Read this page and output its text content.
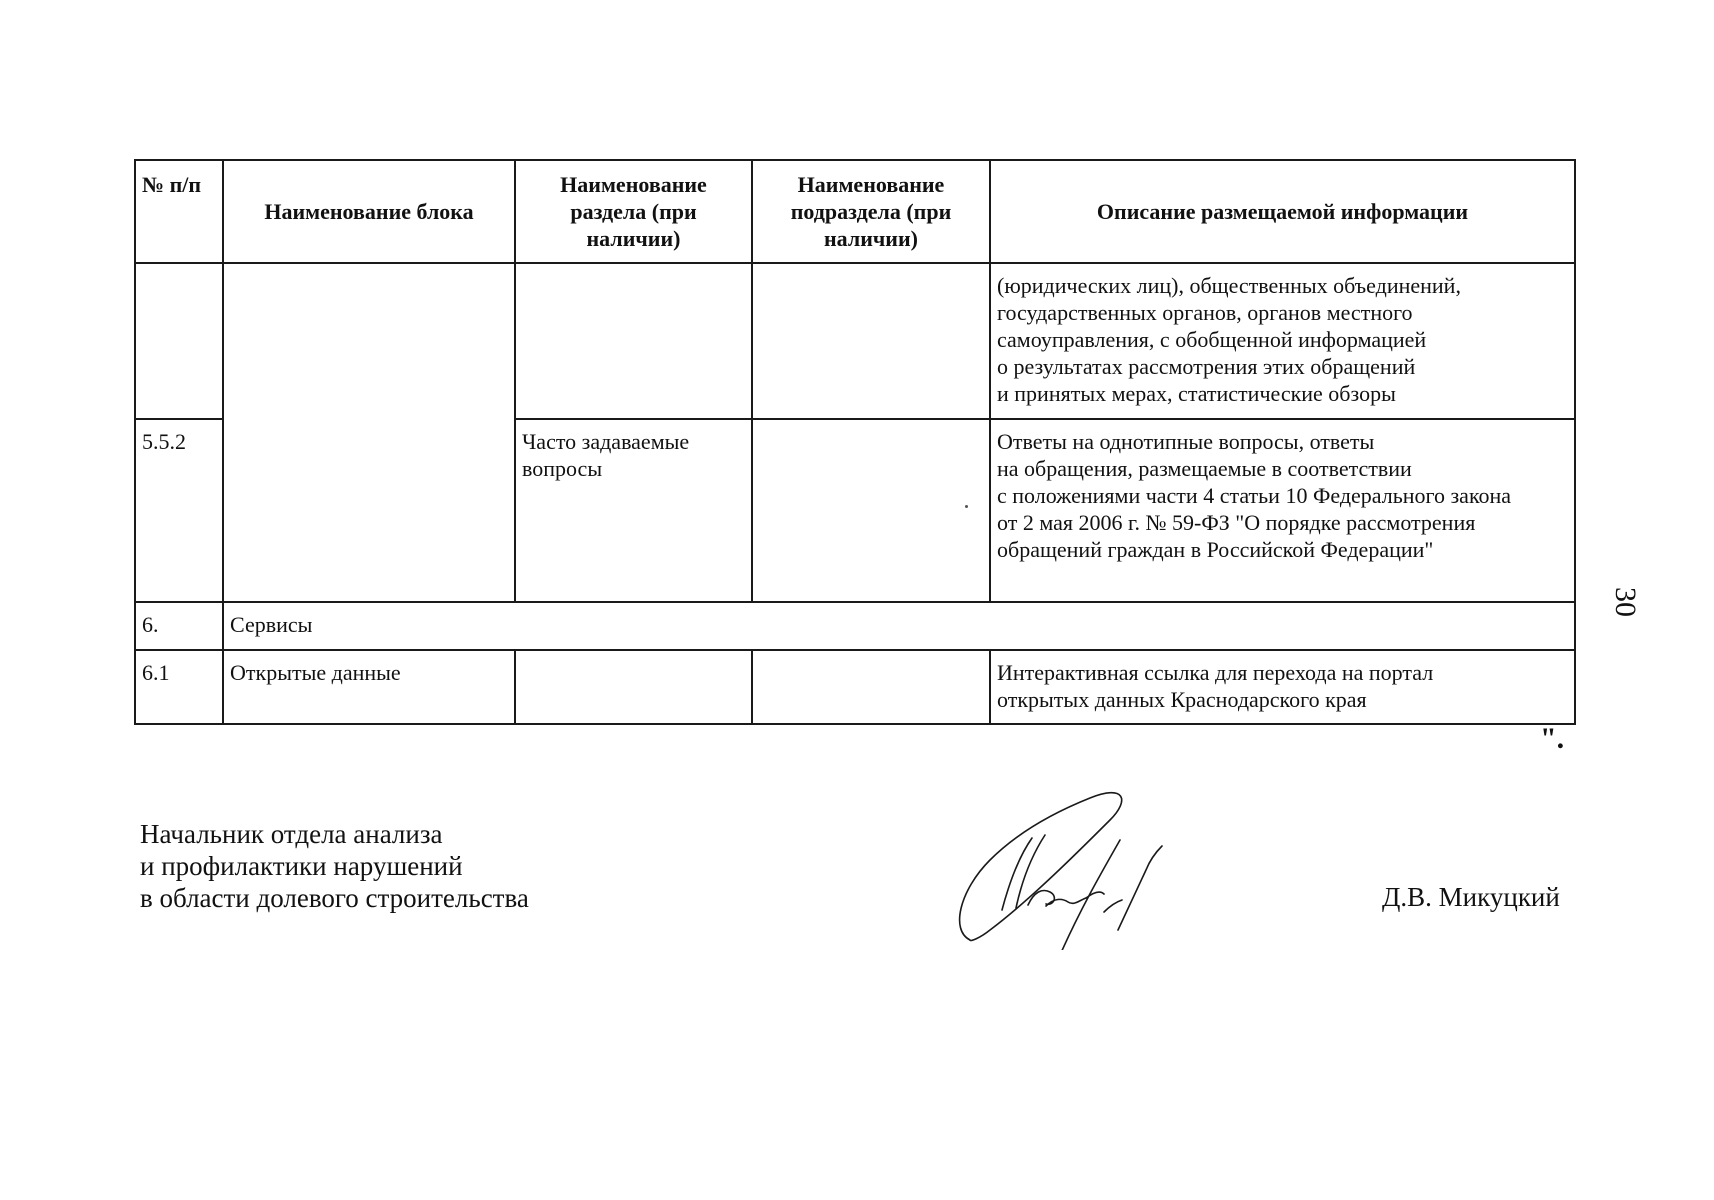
№ п/п	Наименование блока	Наименование
раздела (при
наличии)	Наименование
подраздела (при
наличии)	Описание размещаемой информации

				(юридических лиц), общественных объединений,
государственных органов, органов местного
самоуправления, с обобщенной информацией
о результатах рассмотрения этих обращений
и принятых мерах, статистические обзоры

5.5.2		Часто задаваемые
вопросы		Ответы на однотипные вопросы, ответы
на обращения, размещаемые в соответствии
с положениями части 4 статьи 10 Федерального закона
от 2 мая 2006 г. № 59-ФЗ "О порядке рассмотрения
обращений граждан в Российской Федерации"

6.	Сервисы			
6.1	Открытые данные			Интерактивная ссылка для перехода на портал
открытых данных Краснодарского края
".
30
Начальник отдела анализа
и профилактики нарушений
в области долевого строительства	Д.В. Микуцкий
